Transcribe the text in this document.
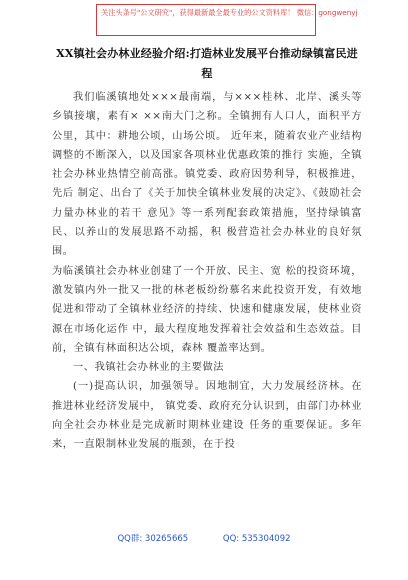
关注头条号"公文研究"，获得最新最全最专业的公文资料库！ 微信：gongwenyj
XX镇社会办林业经验介绍:打造林业发展平台推动绿镇富民进程
我们临溪镇地处×××最南端，与×××桂林、北岸、溪头等乡镇接壤，素有× ××南大门之称。全镇拥有人口人，面积平方公里，其中：耕地公顷，山场公顷。 近年来，随着农业产业结构调整的不断深入，以及国家各项林业优惠政策的推行 实施，全镇社会办林业热情空前高涨。镇党委、政府因势利导，积极推进，先后 制定、出台了《关于加快全镇林业发展的决定》、《鼓励社会力量办林业的若干 意见》等一系列配套政策措施，坚持绿镇富民、以养山的发展思路不动摇，积 极营造社会办林业的良好氛围。
为临溪镇社会办林业创建了一个开放、民主、宽 松的投资环境，激发镇内外一批又一批的林老板纷纷慕名来此投资开发，有效地 促进和带动了全镇林业经济的持续、快速和健康发展，使林业资源在市场化运作 中，最大程度地发挥着社会效益和生态效益。目前，全镇有林面积达公顷，森林 覆盖率达到。
一、我镇社会办林业的主要做法
(一)提高认识，加强领导。因地制宜，大力发展经济林。在推进林业经济发展中， 镇党委、政府充分认识到，由部门办林业向全社会办林业是完成新时期林业建设 任务的重要保证。多年来，一直限制林业发展的瓶颈，在于投
QQ群: 30265665	QQ: 535304092
